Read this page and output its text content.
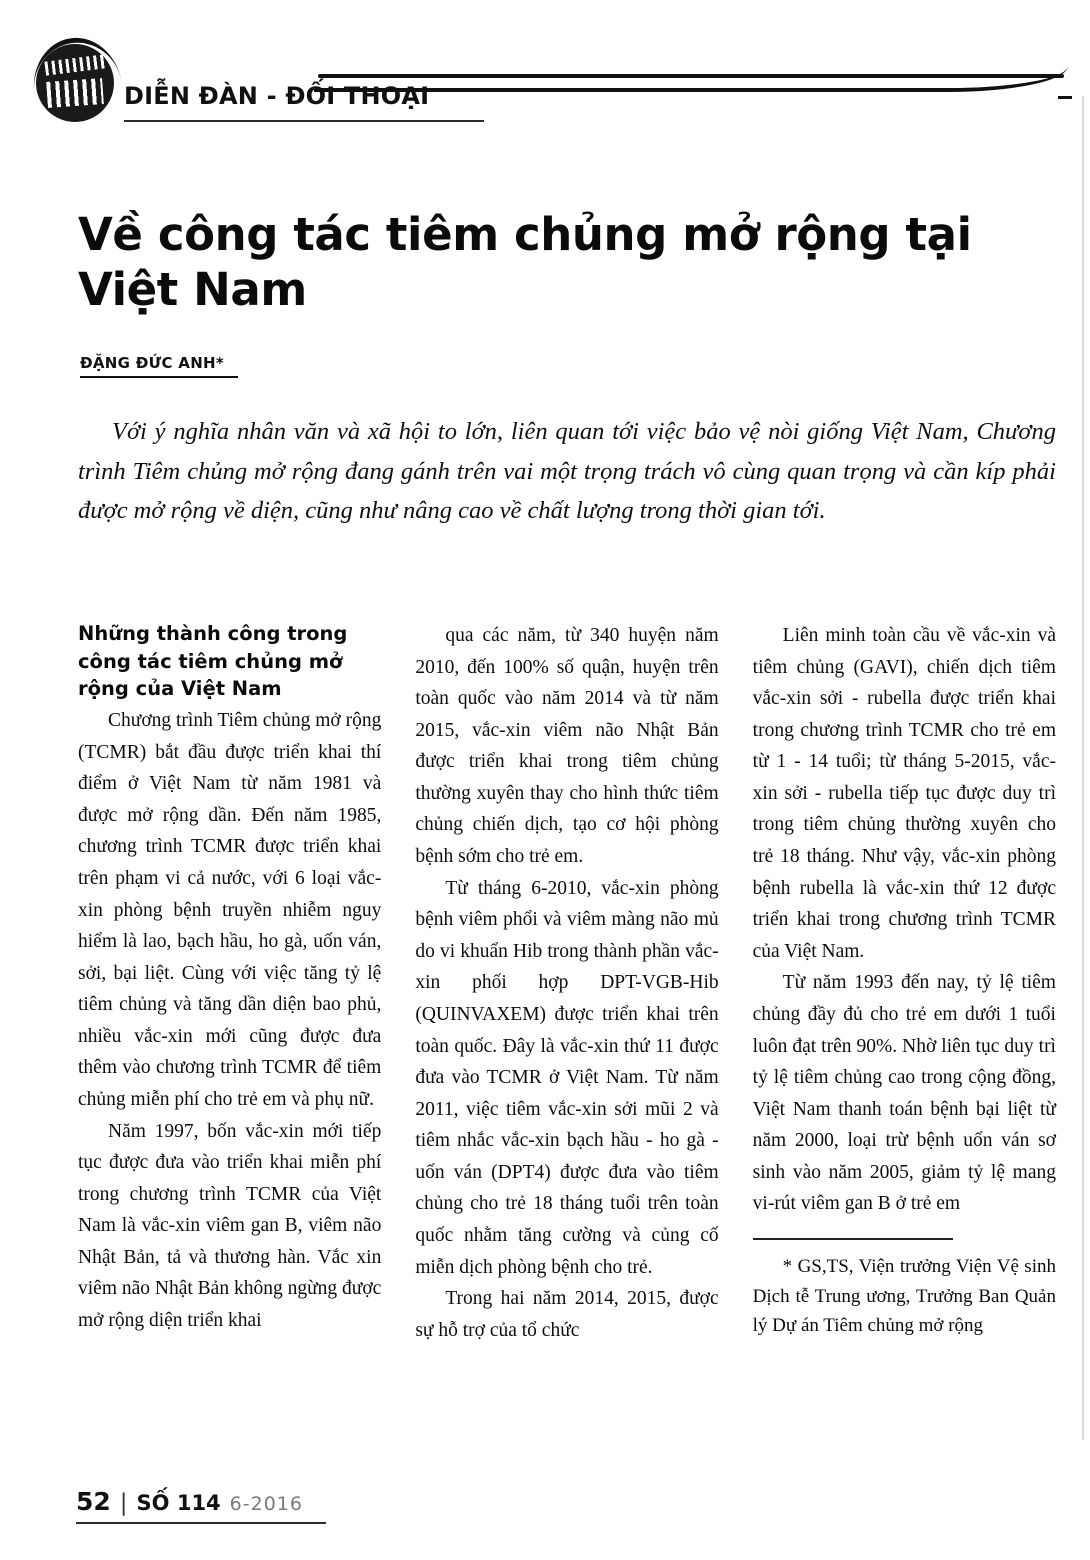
DIỄN ĐÀN - ĐỐI THOẠI
Về công tác tiêm chủng mở rộng tại Việt Nam
ĐẶNG ĐỨC ANH*
Với ý nghĩa nhân văn và xã hội to lớn, liên quan tới việc bảo vệ nòi giống Việt Nam, Chương trình Tiêm chủng mở rộng đang gánh trên vai một trọng trách vô cùng quan trọng và cần kíp phải được mở rộng về diện, cũng như nâng cao về chất lượng trong thời gian tới.
Những thành công trong công tác tiêm chủng mở rộng của Việt Nam

Chương trình Tiêm chủng mở rộng (TCMR) bắt đầu được triển khai thí điểm ở Việt Nam từ năm 1981 và được mở rộng dần. Đến năm 1985, chương trình TCMR được triển khai trên phạm vi cả nước, với 6 loại vắc-xin phòng bệnh truyền nhiễm nguy hiểm là lao, bạch hầu, ho gà, uốn ván, sởi, bại liệt. Cùng với việc tăng tỷ lệ tiêm chủng và tăng dần diện bao phủ, nhiều vắc-xin mới cũng được đưa thêm vào chương trình TCMR để tiêm chủng miễn phí cho trẻ em và phụ nữ.

Năm 1997, bốn vắc-xin mới tiếp tục được đưa vào triển khai miễn phí trong chương trình TCMR của Việt Nam là vắc-xin viêm gan B, viêm não Nhật Bản, tả và thương hàn. Vắc xin viêm não Nhật Bản không ngừng được mở rộng diện triển khai

qua các năm, từ 340 huyện năm 2010, đến 100% số quận, huyện trên toàn quốc vào năm 2014 và từ năm 2015, vắc-xin viêm não Nhật Bản được triển khai trong tiêm chủng thường xuyên thay cho hình thức tiêm chủng chiến dịch, tạo cơ hội phòng bệnh sớm cho trẻ em.

Từ tháng 6-2010, vắc-xin phòng bệnh viêm phổi và viêm màng não mủ do vi khuẩn Hib trong thành phần vắc-xin phối hợp DPT-VGB-Hib (QUINVAXEM) được triển khai trên toàn quốc. Đây là vắc-xin thứ 11 được đưa vào TCMR ở Việt Nam. Từ năm 2011, việc tiêm vắc-xin sởi mũi 2 và tiêm nhắc vắc-xin bạch hầu - ho gà - uốn ván (DPT4) được đưa vào tiêm chủng cho trẻ 18 tháng tuổi trên toàn quốc nhằm tăng cường và củng cố miễn dịch phòng bệnh cho trẻ.

Trong hai năm 2014, 2015, được sự hỗ trợ của tổ chức

Liên minh toàn cầu về vắc-xin và tiêm chủng (GAVI), chiến dịch tiêm vắc-xin sởi - rubella được triển khai trong chương trình TCMR cho trẻ em từ 1 - 14 tuổi; từ tháng 5-2015, vắc-xin sởi - rubella tiếp tục được duy trì trong tiêm chủng thường xuyên cho trẻ 18 tháng. Như vậy, vắc-xin phòng bệnh rubella là vắc-xin thứ 12 được triển khai trong chương trình TCMR của Việt Nam.

Từ năm 1993 đến nay, tỷ lệ tiêm chủng đầy đủ cho trẻ em dưới 1 tuổi luôn đạt trên 90%. Nhờ liên tục duy trì tỷ lệ tiêm chủng cao trong cộng đồng, Việt Nam thanh toán bệnh bại liệt từ năm 2000, loại trừ bệnh uốn ván sơ sinh vào năm 2005, giảm tỷ lệ mang vi-rút viêm gan B ở trẻ em

* GS,TS, Viện trưởng Viện Vệ sinh Dịch tễ Trung ương, Trưởng Ban Quản lý Dự án Tiêm chủng mở rộng

52 | SỐ 114 6-2016
